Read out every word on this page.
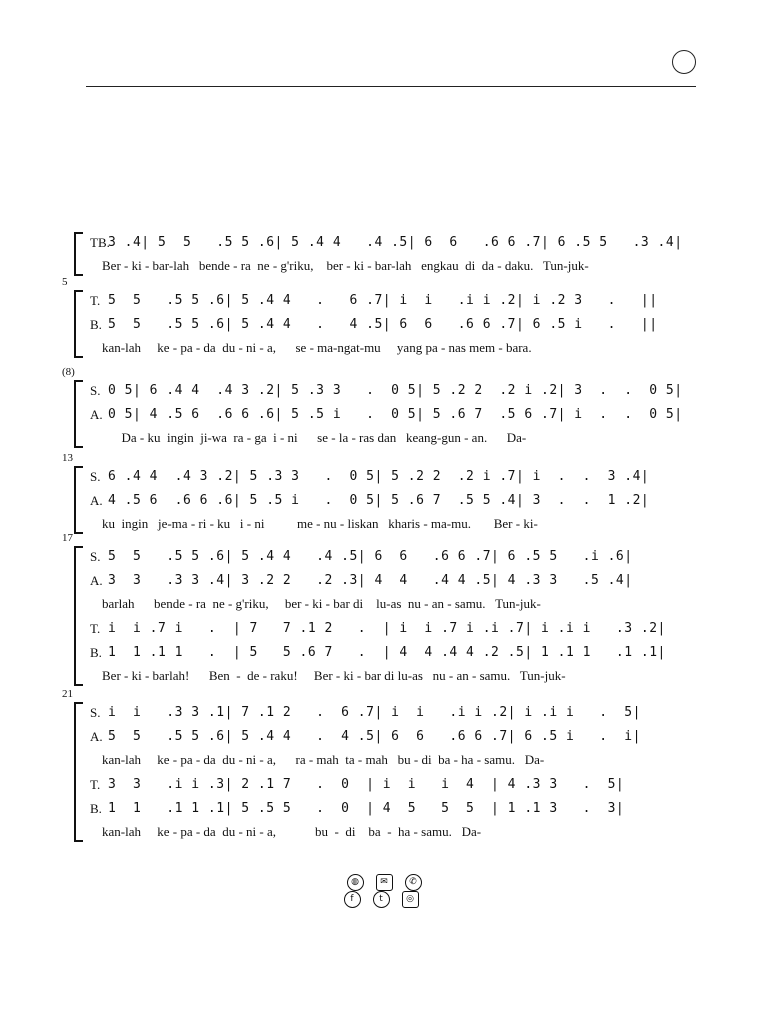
TB.
3 .4| 5  5   .5 5 .6| 5 .4 4   .4 .5| 6  6   .6 6 .7| 6 .5 5   .3 .4|
Ber - ki - bar-lah   bende - ra  ne - g'riku,    ber - ki - bar-lah   engkau  di  da - daku.   Tun-juk-
5
T. 5  5   .5 5 .6| 5 .4 4   .   6 .7| i  i   .i i .2| i .2 3   .   ||
B. 5  5   .5 5 .6| 5 .4 4   .   4 .5| 6  6   .6 6 .7| 6 .5 i   .   ||
kan-lah     ke - pa - da  du - ni - a,      se - ma-ngat-mu     yang pa - nas mem - bara.
(8)
S. 0 5| 6 .4 4  .4 3 .2| 5 .3 3   .  0 5| 5 .2 2  .2 i .2| 3  .  .  0 5|
A. 0 5| 4 .5 6  .6 6 .6| 5 .5 i   .  0 5| 5 .6 7  .5 6 .7| i  .  .  0 5|
Da - ku  ingin  ji-wa  ra - ga  i - ni      se - la - ras dan   keang-gun - an.      Da-
13
S. 6 .4 4  .4 3 .2| 5 .3 3   .  0 5| 5 .2 2  .2 i .7| i  .  .  3 .4|
A. 4 .5 6  .6 6 .6| 5 .5 i   .  0 5| 5 .6 7  .5 5 .4| 3  .  .  1 .2|
ku  ingin   je-ma - ri - ku   i - ni          me - nu - liskan   kharis - ma-mu.       Ber - ki-
17
S. 5  5   .5 5 .6| 5 .4 4   .4 .5| 6  6   .6 6 .7| 6 .5 5   .i .6|
A. 3  3   .3 3 .4| 3 .2 2   .2 .3| 4  4   .4 4 .5| 4 .3 3   .5 .4|
barlah      bende - ra  ne - g'riku,     ber - ki - bar di    lu-as  nu - an - samu.   Tun-juk-
T. i  i .7 i   .  | 7   7 .1 2   .  | i  i .7 i .i .7| i .i i   .3 .2|
B. 1  1 .1 1   .  | 5   5 .6 7   .  | 4  4 .4 4 .2 .5| 1 .1 1   .1 .1|
Ber - ki - barlah!      Ben  -  de - raku!     Ber - ki - bar di lu-as   nu - an - samu.   Tun-juk-
21
S. i  i   .3 3 .1| 7 .1 2   .  6 .7| i  i   .i i .2| i .i i   .  5|
A. 5  5   .5 5 .6| 5 .4 4   .  4 .5| 6  6   .6 6 .7| 6 .5 i   .  i|
kan-lah     ke - pa - da  du - ni - a,      ra - mah  ta - mah   bu - di  ba - ha - samu.   Da-
T. 3  3   .i i .3| 2 .1 7   .  0  | i  i   i  4  | 4 .3 3   .  5|
B. 1  1   .1 1 .1| 5 .5 5   .  0  | 4  5   5  5  | 1 .1 3   .  3|
kan-lah     ke - pa - da  du - ni - a,            bu  -  di    ba  -  ha - samu.   Da-
◍	✉	✆
f	t	◎
